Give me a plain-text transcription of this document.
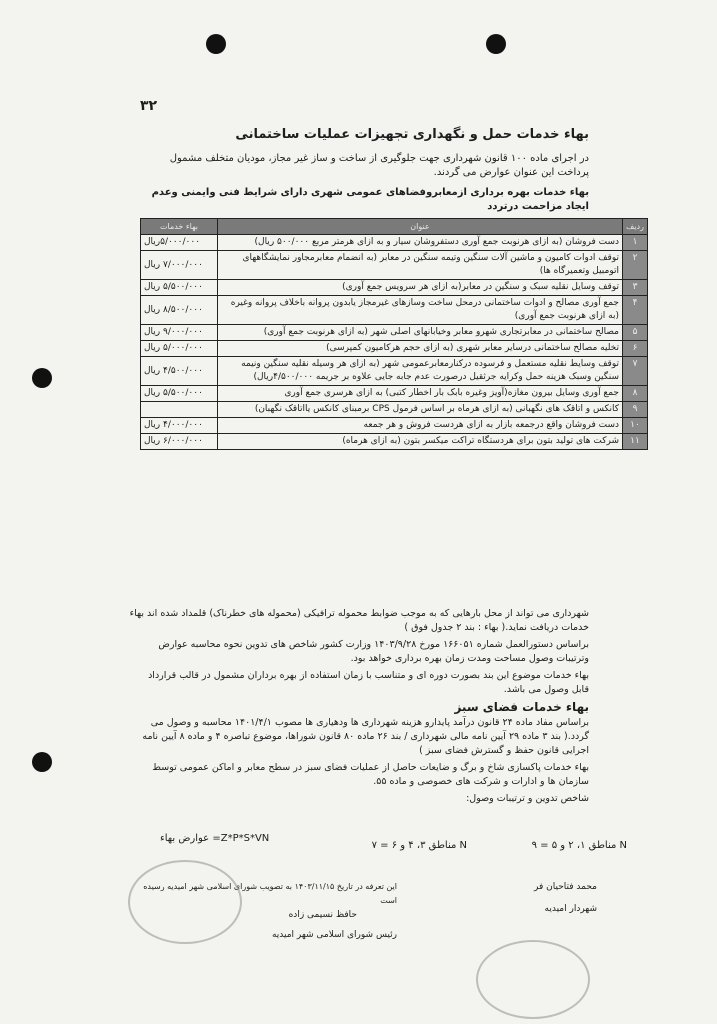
۳۲
بهاء خدمات حمل و نگهداری تجهیزات عملیات ساختمانی
در اجرای ماده ۱۰۰ قانون شهرداری جهت جلوگیری از ساخت و ساز غیر مجاز، مودیان متخلف مشمول پرداخت این عنوان عوارض می گردند.
بهاء خدمات بهره برداری ازمعابروفضاهای عمومی شهری دارای شرایط فنی وایمنی وعدم ایجاد مزاحمت درتردد
ردیف	عنوان	بهاء خدمات
۱	دست فروشان (به ازای هرنوبت جمع آوری دستفروشان سیار و به ازای هرمتر مربع ۵۰۰/۰۰۰ ریال)	۵/۰۰۰/۰۰۰ریال
۲	توقف ادوات کامیون و ماشین آلات سنگین وتیمه سنگین در معابر (به انضمام معابرمجاور نمایشگاههای اتومبیل وتعمیرگاه ها)	۷/۰۰۰/۰۰۰ ریال
۳	توقف وسایل نقلیه سبک و سنگین در معابر(به ازای هر سرویس جمع آوری)	۵/۵۰۰/۰۰۰ ریال
۴	جمع آوری مصالح و ادوات ساختمانی درمحل ساخت وسازهای غیرمجاز یابدون پروانه باخلاف پروانه وغیره (به ازای هرنوبت جمع آوری)	۸/۵۰۰/۰۰۰ ریال
۵	مصالح ساختمانی در معابرتجاری شهرو معابر وخیابانهای اصلی شهر (به ازای هرنوبت جمع آوری)	۹/۰۰۰/۰۰۰ ریال
۶	تخلیه مصالح ساختمانی درسایر معابر شهری (به ازای حجم هرکامیون کمپرسی)	۵/۰۰۰/۰۰۰ ریال
۷	توقف وسایط نقلیه مستعمل و فرسوده درکنارمعابرعمومی شهر (به ازای هر وسیله نقلیه سنگین ونیمه سنگین وسبک هزینه حمل وکرایه جرثقیل درصورت عدم جابه جایی علاوه بر جریمه ۴/۵۰۰/۰۰۰ریال)	۴/۵۰۰/۰۰۰ ریال
۸	جمع آوری وسایل بیرون مغازه(آویز وغیره بابک بار اخطار کتبی) به ازای هرسری جمع آوری	۵/۵۰۰/۰۰۰ ریال
۹	کانکس و اتاقک های نگهبانی (به ازای هرماه بر اساس فرمول CPS برمبنای کانکس یااتاقک نگهبان)	
۱۰	دست فروشان واقع درجمعه بازار به ازای هردست فروش و هر جمعه	۴/۰۰۰/۰۰۰ ریال
۱۱	شرکت های تولید بتون برای هردستگاه تراکت میکسر بتون (به ازای هرماه)	۶/۰۰۰/۰۰۰ ریال

شهرداری می تواند از محل بارهایی که به موجب ضوابط محموله ترافیکی (محموله های خطرناک) قلمداد شده اند بهاء خدمات دریافت نماید.( بهاء : بند ۲ جدول فوق )

براساس دستورالعمل شماره ۱۶۶۰۵۱ مورخ ۱۴۰۳/۹/۲۸ وزارت کشور شاخص های تدوین نحوه محاسبه عوارض وترتیبات وصول مساحت ومدت زمان بهره برداری خواهد بود.

بهاء خدمات موضوع این بند بصورت دوره ای و متناسب با زمان استفاده از بهره برداران مشمول در قالب قرارداد قابل وصول می باشد.

بهاء خدمات فضای سبز

براساس مفاد ماده ۲۴ قانون درآمد پایدارو هزینه شهرداری ها ودهیاری ها مصوب ۱۴۰۱/۴/۱ محاسبه و وصول می گردد.( بند ۳ ماده ۲۹ آیین نامه مالی شهرداری / بند ۲۶ ماده ۸۰ قانون شوراها، موضوع تباصره ۴ و ماده ۸ آیین نامه اجرایی قانون حفظ و گسترش فضای سبز )

بهاء خدمات پاکسازی شاخ و برگ و ضایعات حاصل از عملیات فضای سبز در سطح معابر و اماکن عمومی توسط سازمان ها و ادارات و شرکت های خصوصی و ماده ۵۵.

شاخص تدوین و ترتیبات وصول:

عوارض بهاء =Z*P*S*VN
N مناطق ۱، ۲ و ۵ = ۹
N مناطق ۳، ۴ و ۶ = ۷
محمد فتاحیان فر
شهردار امیدیه
این تعرفه در تاریخ ۱۴۰۳/۱۱/۱۵ به تصویب شورای اسلامی شهر امیدیه رسیده است
حافظ نسیمی زاده
رئیس شورای اسلامی شهر امیدیه
